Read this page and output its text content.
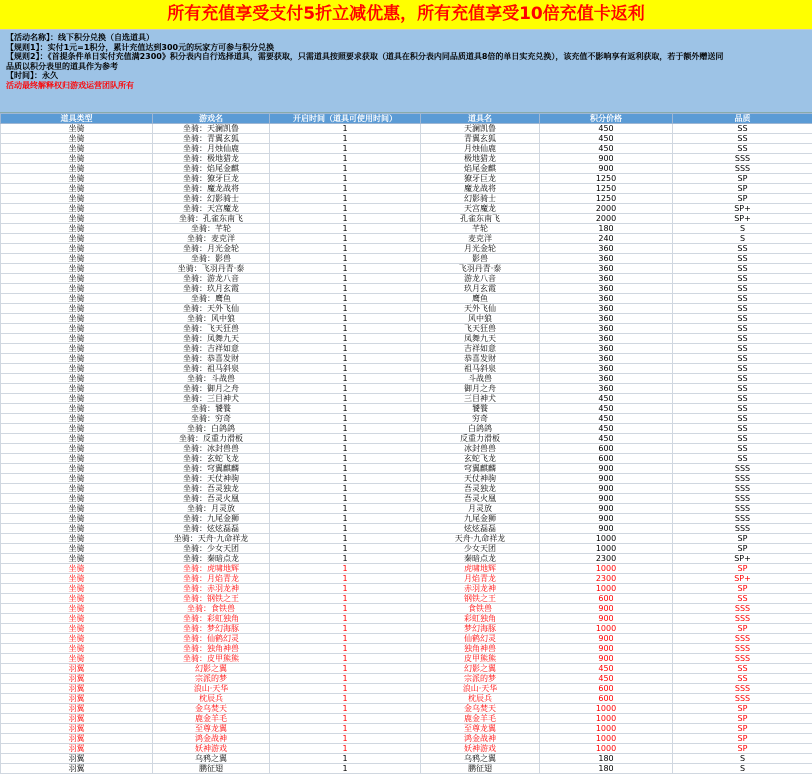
所有充值享受支付5折立减优惠，所有充值享受10倍充值卡返利
【活动名称】：线下积分兑换（自选道具）
【规则1】：实付1元=1积分，累计充值达到300元的玩家方可参与积分兑换
【规则2】：《首提条件单日实付充值满2300》积分表内自行选择道具，需要获取，只需道具按照要求获取（道具在积分表内同品质道具8倍的单日实充兑换），该充值不影响享有返利获取，若于额外赠送同
品质以积分表里的道具作为参考
【时间】：永久
活动最终解释权归游戏运营团队所有
道具类型	游戏名	开启时间（道具可使用时间）	道具名	积分价格	品质
坐骑	坐骑：天澜凯鲁	1	天澜凯鲁	450	SS
坐骑	坐骑：青翼玄狐	1	青翼玄狐	450	SS
坐骑	坐骑：月烛仙鹿	1	月烛仙鹿	450	SS
坐骑	坐骑：极地猎龙	1	极地猎龙	900	SSS
坐骑	坐骑：焰尾金麒	1	焰尾金麒	900	SSS
坐骑	坐骑：獠牙巨龙	1	獠牙巨龙	1250	SP
坐骑	坐骑：魔龙战将	1	魔龙战将	1250	SP
坐骑	坐骑：幻影骑士	1	幻影骑士	1250	SP
坐骑	坐骑：天宫魔龙	1	天宫魔龙	2000	SP+
坐骑	坐骑：孔雀东南飞	1	孔雀东南飞	2000	SP+
坐骑	坐骑：芊轮	1	芊轮	180	S
坐骑	坐骑：麦克洋	1	麦克洋	240	S
坐骑	坐骑：月光金轮	1	月光金轮	360	SS
坐骑	坐骑：影兽	1	影兽	360	SS
坐骑	坐骑：飞羽丹青·泰	1	飞羽丹青·泰	360	SS
坐骑	坐骑：游龙八音	1	游龙八音	360	SS
坐骑	坐骑：玖月玄霞	1	玖月玄霞	360	SS
坐骑	坐骑：鹰鱼	1	鹰鱼	360	SS
坐骑	坐骑：天外飞仙	1	天外飞仙	360	SS
坐骑	坐骑：风中狼	1	风中狼	360	SS
坐骑	坐骑：飞天狂兽	1	飞天狂兽	360	SS
坐骑	坐骑：凤舞九天	1	凤舞九天	360	SS
坐骑	坐骑：吉祥如意	1	吉祥如意	360	SS
坐骑	坐骑：恭喜发财	1	恭喜发财	360	SS
坐骑	坐骑：祖马斜泉	1	祖马斜泉	360	SS
坐骑	坐骑：斗战兽	1	斗战兽	360	SS
坐骑	坐骑：御月之舟	1	御月之舟	360	SS
坐骑	坐骑：三目神犬	1	三目神犬	450	SS
坐骑	坐骑：饕餮	1	饕餮	450	SS
坐骑	坐骑：穷奇	1	穷奇	450	SS
坐骑	坐骑：白鸽鸽	1	白鸽鸽	450	SS
坐骑	坐骑：反重力滑板	1	反重力滑板	450	SS
坐骑	坐骑：冰封兽兽	1	冰封兽兽	600	SS
坐骑	坐骑：玄蛇飞龙	1	玄蛇飞龙	600	SS
坐骑	坐骑：穹翼麒麟	1	穹翼麒麟	900	SSS
坐骑	坐骑：天仗神驹	1	天仗神驹	900	SSS
坐骑	坐骑：吾灵独龙	1	吾灵独龙	900	SSS
坐骑	坐骑：吾灵火凰	1	吾灵火凰	900	SSS
坐骑	坐骑：月灵放	1	月灵放	900	SSS
坐骑	坐骑：九尾金狮	1	九尾金狮	900	SSS
坐骑	坐骑：炫炫磊磊	1	炫炫磊磊	900	SSS
坐骑	坐骑：天舟·九命祥龙	1	天舟·九命祥龙	1000	SP
坐骑	坐骑：少女天团	1	少女天团	1000	SP
坐骑	坐骑：秦暗点龙	1	秦暗点龙	2300	SP+
坐骑	坐骑：虎啸地辉	1	虎啸地辉	1000	SP
坐骑	坐骑：月焰青龙	1	月焰青龙	2300	SP+
坐骑	坐骑：赤羽龙神	1	赤羽龙神	1000	SP
坐骑	坐骑：钢铁之王	1	钢铁之王	600	SS
坐骑	坐骑：食铁兽	1	食铁兽	900	SSS
坐骑	坐骑：彩虹独角	1	彩虹独角	900	SSS
坐骑	坐骑：梦幻海豚	1	梦幻海豚	1000	SP
坐骑	坐骑：仙鹤幻灵	1	仙鹤幻灵	900	SSS
坐骑	坐骑：独角神兽	1	独角神兽	900	SSS
坐骑	坐骑：皮甲熊熊	1	皮甲熊熊	900	SSS
羽翼	幻影之翼	1	幻影之翼	450	SS
羽翼	宗派的梦	1	宗派的梦	450	SS
羽翼	浪山·天华	1	浪山·天华	600	SSS
羽翼	枕辰兵	1	枕辰兵	600	SSS
羽翼	金乌焚天	1	金乌焚天	1000	SP
羽翼	鹿金羊毛	1	鹿金羊毛	1000	SP
羽翼	至尊龙翼	1	至尊龙翼	1000	SP
羽翼	鸿金战神	1	鸿金战神	1000	SP
羽翼	妖神游戏	1	妖神游戏	1000	SP
羽翼	乌鸦之翼	1	乌鸦之翼	180	S
羽翼	鹏征翅	1	鹏征翅	180	S
